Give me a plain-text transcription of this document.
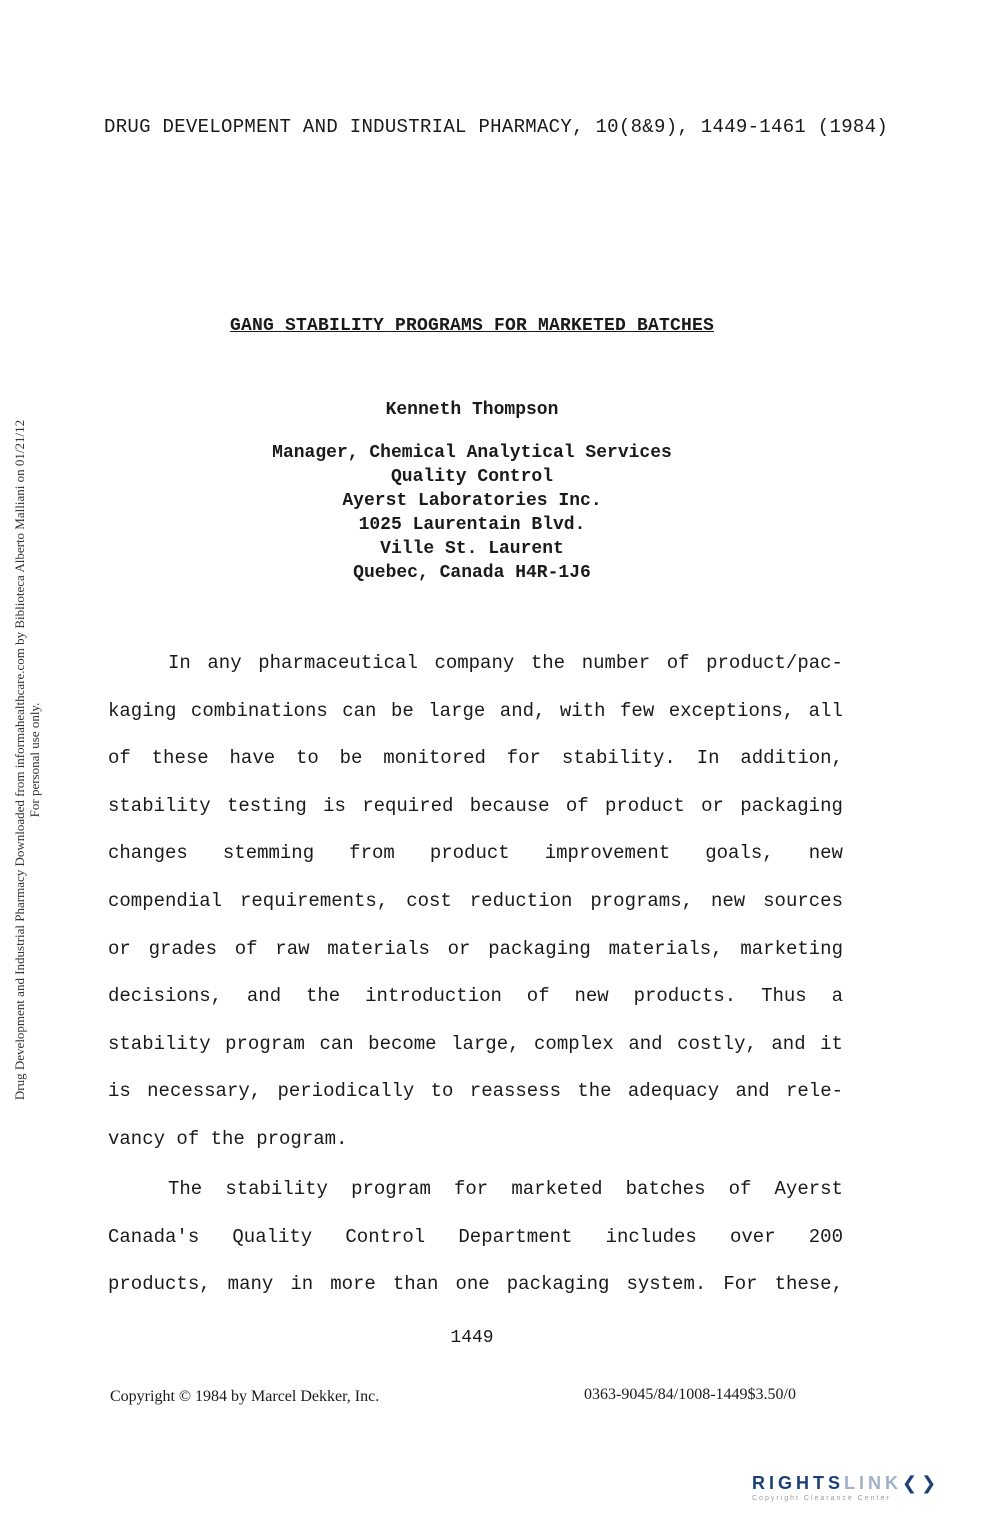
DRUG DEVELOPMENT AND INDUSTRIAL PHARMACY, 10(8&9), 1449-1461 (1984)
GANG STABILITY PROGRAMS FOR MARKETED BATCHES
Kenneth Thompson
Manager, Chemical Analytical Services
Quality Control
Ayerst Laboratories Inc.
1025 Laurentain Blvd.
Ville St. Laurent
Quebec, Canada H4R-1J6
In any pharmaceutical company the number of product/pac-
kaging combinations can be large and, with few exceptions, all
of these have to be monitored for stability. In addition,
stability testing is required because of product or packaging
changes stemming from product improvement goals, new
compendial requirements, cost reduction programs, new sources
or grades of raw materials or packaging materials, marketing
decisions, and the introduction of new products. Thus a
stability program can become large, complex and costly, and it
is necessary, periodically to reassess the adequacy and rele-
vancy of the program.
The stability program for marketed batches of Ayerst
Canada's Quality Control Department includes over 200
products, many in more than one packaging system. For these,
1449
Copyright © 1984 by Marcel Dekker, Inc.	0363-9045/84/1008-1449$3.50/0
Drug Development and Industrial Pharmacy Downloaded from informahealthcare.com by Biblioteca Alberto Malliani on 01/21/12 For personal use only.
RIGHTSLINK❮❯
Copyright Clearance Center
